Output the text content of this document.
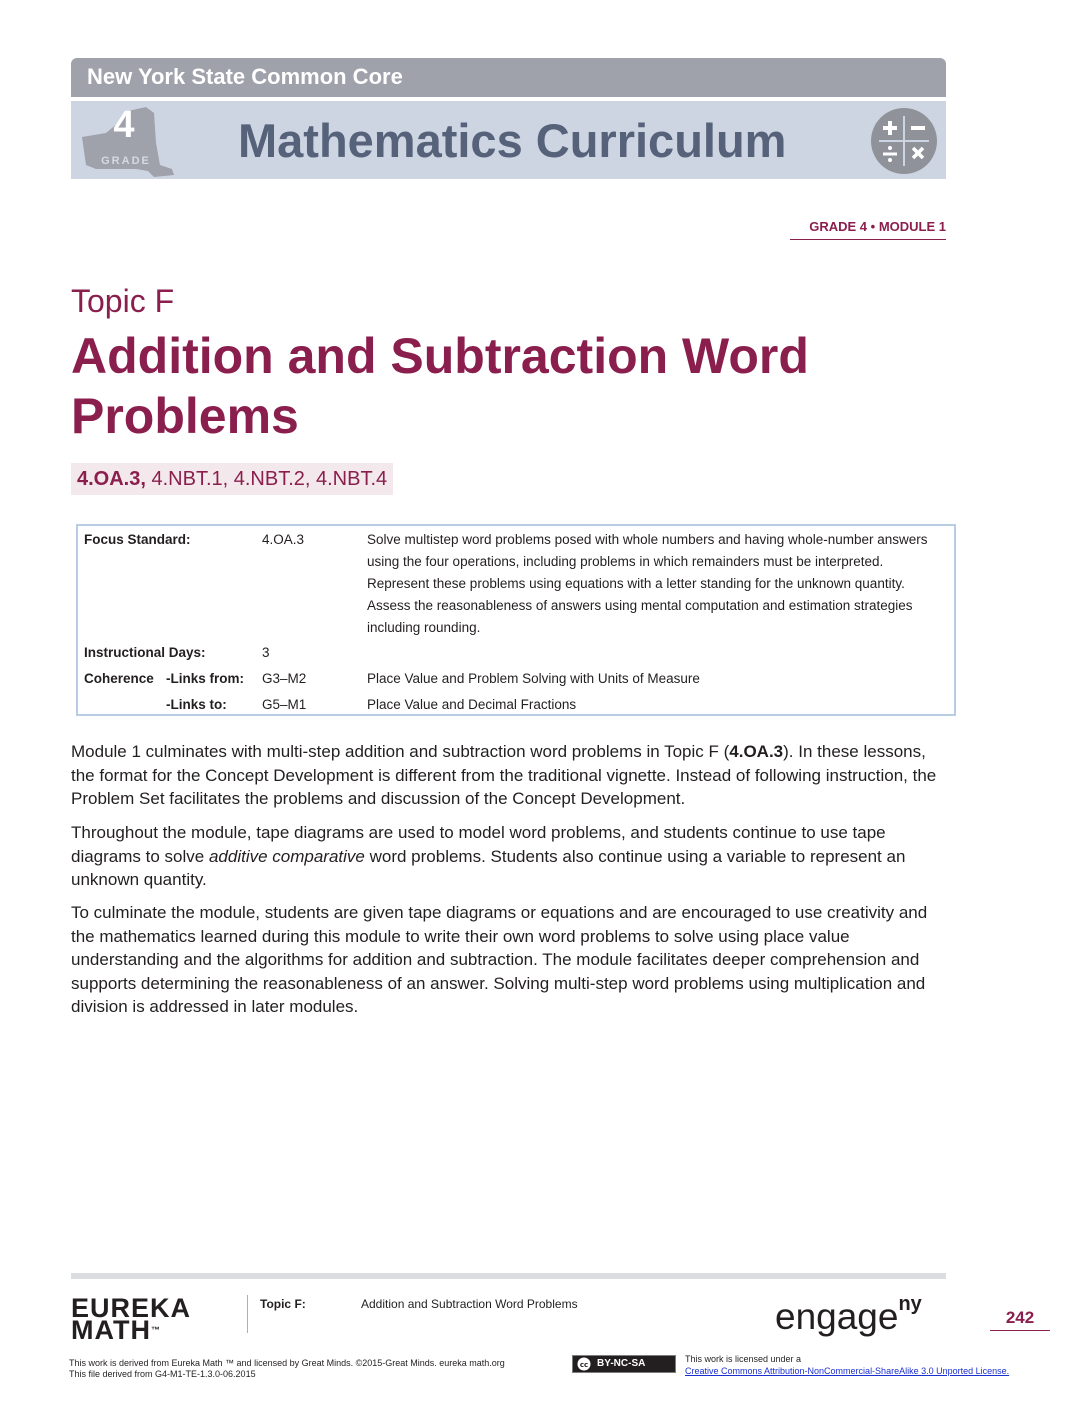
New York State Common Core
4
GRADE Mathematics Curriculum
GRADE 4 • MODULE 1
Topic F
Addition and Subtraction Word Problems
4.OA.3, 4.NBT.1, 4.NBT.2, 4.NBT.4
Focus Standard:	4.OA.3	Solve multistep word problems posed with whole numbers and having whole-number answers using the four operations, including problems in which remainders must be interpreted. Represent these problems using equations with a letter standing for the unknown quantity. Assess the reasonableness of answers using mental computation and estimation strategies including rounding.
Instructional Days:	3
Coherence -Links from: G3–M2	Place Value and Problem Solving with Units of Measure
-Links to:	G5–M1	Place Value and Decimal Fractions
Module 1 culminates with multi-step addition and subtraction word problems in Topic F (4.OA.3). In these lessons, the format for the Concept Development is different from the traditional vignette. Instead of following instruction, the Problem Set facilitates the problems and discussion of the Concept Development.
Throughout the module, tape diagrams are used to model word problems, and students continue to use tape diagrams to solve additive comparative word problems. Students also continue using a variable to represent an unknown quantity.
To culminate the module, students are given tape diagrams or equations and are encouraged to use creativity and the mathematics learned during this module to write their own word problems to solve using place value understanding and the algorithms for addition and subtraction. The module facilitates deeper comprehension and supports determining the reasonableness of an answer. Solving multi-step word problems using multiplication and division is addressed in later modules.
EUREKA
MATH™
Topic F:	Addition and Subtraction Word Problems	engage$^{ny}$
242
This work is derived from Eureka Math ™ and licensed by Great Minds. ©2015-Great Minds. eureka math.org
This file derived from G4-M1-TE-1.3.0-06.2015
cc BY-NC-SA	This work is licensed under a
Creative Commons Attribution-NonCommercial-ShareAlike 3.0 Unported License.
